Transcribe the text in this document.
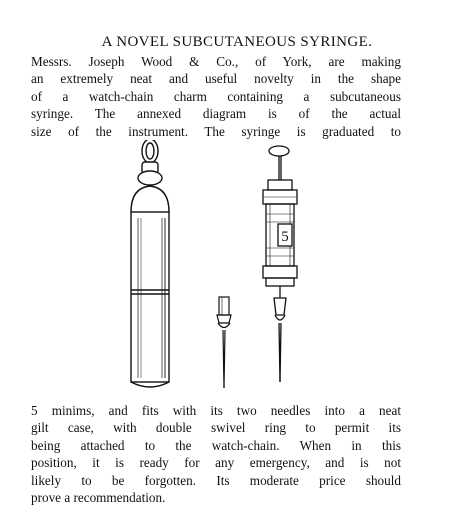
A NOVEL SUBCUTANEOUS SYRINGE.
Messrs. Joseph Wood & Co., of York, are making
an extremely neat and useful novelty in the shape
of a watch-chain charm containing a subcutaneous
syringe. The annexed diagram is of the actual
size of the instrument. The syringe is graduated to
5
5 minims, and fits with its two needles into a neat
gilt case, with double swivel ring to permit its
being attached to the watch-chain. When in this
position, it is ready for any emergency, and is not
likely to be forgotten. Its moderate price should
prove a recommendation.
